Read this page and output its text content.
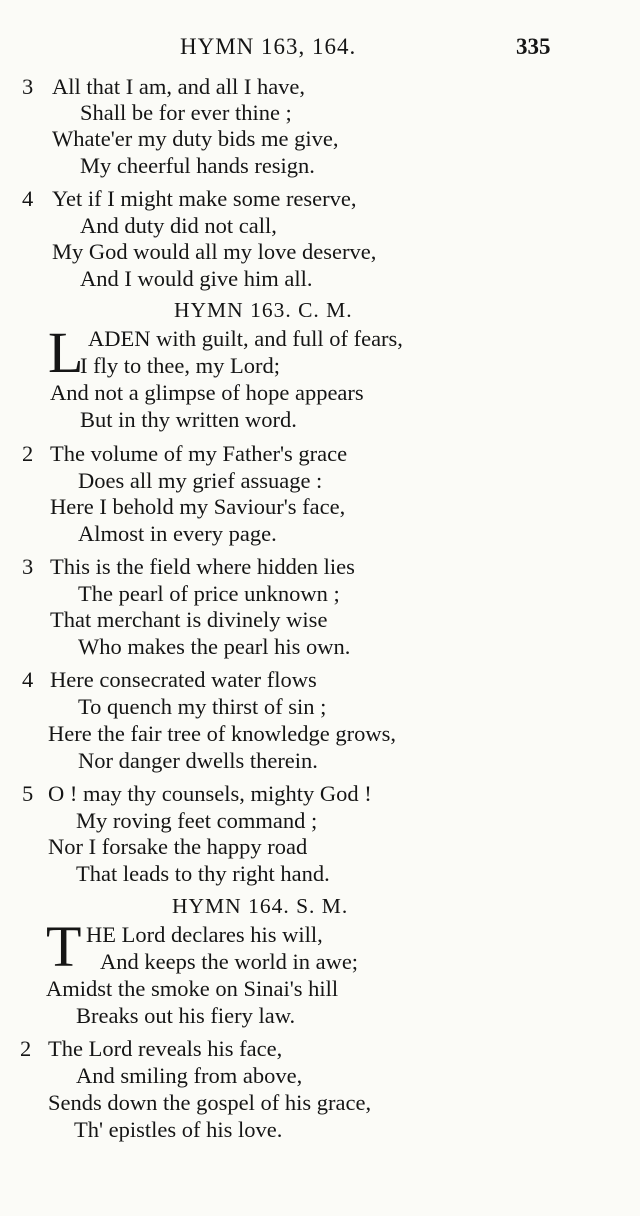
HYMN 163, 164.	335
3 All that I am, and all I have,
Shall be for ever thine ;
Whate'er my duty bids me give,
My cheerful hands resign.
4 Yet if I might make some reserve,
And duty did not call,
My God would all my love deserve,
And I would give him all.
HYMN 163. C. M.
L ADEN with guilt, and full of fears,
I fly to thee, my Lord;
And not a glimpse of hope appears
But in thy written word.
2 The volume of my Father's grace
Does all my grief assuage :
Here I behold my Saviour's face,
Almost in every page.
3 This is the field where hidden lies
The pearl of price unknown ;
That merchant is divinely wise
Who makes the pearl his own.
4 Here consecrated water flows
To quench my thirst of sin ;
Here the fair tree of knowledge grows,
Nor danger dwells therein.
5 O ! may thy counsels, mighty God !
My roving feet command ;
Nor I forsake the happy road
That leads to thy right hand.
HYMN 164. S. M.
T HE Lord declares his will,
And keeps the world in awe;
Amidst the smoke on Sinai's hill
Breaks out his fiery law.
2 The Lord reveals his face,
And smiling from above,
Sends down the gospel of his grace,
Th' epistles of his love.
